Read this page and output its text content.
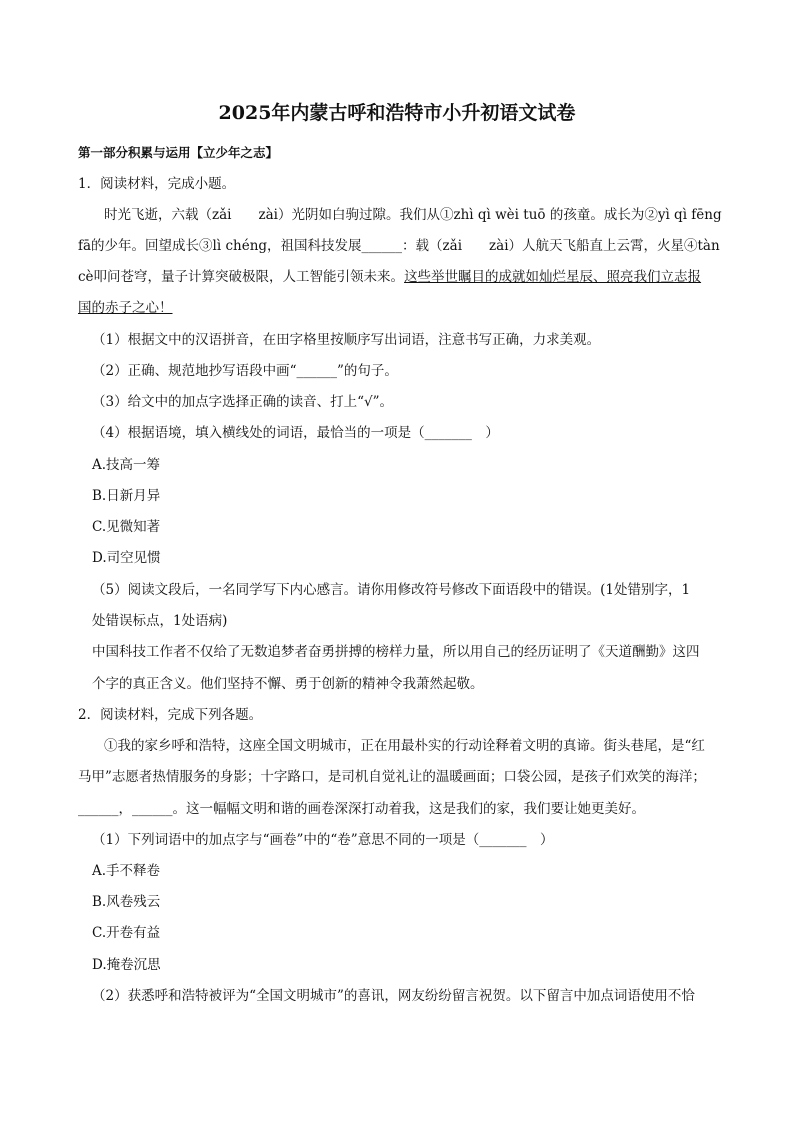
2025年内蒙古呼和浩特市小升初语文试卷
第一部分积累与运用【立少年之志】
1．阅读材料，完成小题。
时光飞逝，六载（zǎi　　zài）光阴如白驹过隙。我们从①zhì qì wèi tuō 的孩童。成长为②yì qì fēng
fā的少年。回望成长③lì chéng，祖国科技发展______：载（zǎi　　zài）人航天飞船直上云霄，火星④tàn
cè叩问苍穹，量子计算突破极限，人工智能引领未来。这些举世瞩目的成就如灿烂星辰、照亮我们立志报
国的赤子之心！
（1）根据文中的汉语拼音，在田字格里按顺序写出词语，注意书写正确，力求美观。
（2）正确、规范地抄写语段中画“______”的句子。
（3）给文中的加点字选择正确的读音、打上“√”。
（4）根据语境，填入横线处的词语，最恰当的一项是（_______　）
A.技高一筹
B.日新月异
C.见微知著
D.司空见惯
（5）阅读文段后，一名同学写下内心感言。请你用修改符号修改下面语段中的错误。(1处错别字，1
处错误标点，1处语病)
中国科技工作者不仅给了无数追梦者奋勇拼搏的榜样力量，所以用自己的经历证明了《天道酬勤》这四
个字的真正含义。他们坚持不懈、勇于创新的精神令我萧然起敬。
2．阅读材料，完成下列各题。
①我的家乡呼和浩特，这座全国文明城市，正在用最朴实的行动诠释着文明的真谛。街头巷尾，是“红
马甲”志愿者热情服务的身影；十字路口，是司机自觉礼让的温暖画面；口袋公园，是孩子们欢笑的海洋；
______，______。这一幅幅文明和谐的画卷深深打动着我，这是我们的家，我们要让她更美好。
（1）下列词语中的加点字与“画卷”中的“卷”意思不同的一项是（_______　）
A.手不释卷
B.风卷残云
C.开卷有益
D.掩卷沉思
（2）获悉呼和浩特被评为“全国文明城市”的喜讯，网友纷纷留言祝贺。以下留言中加点词语使用不恰
